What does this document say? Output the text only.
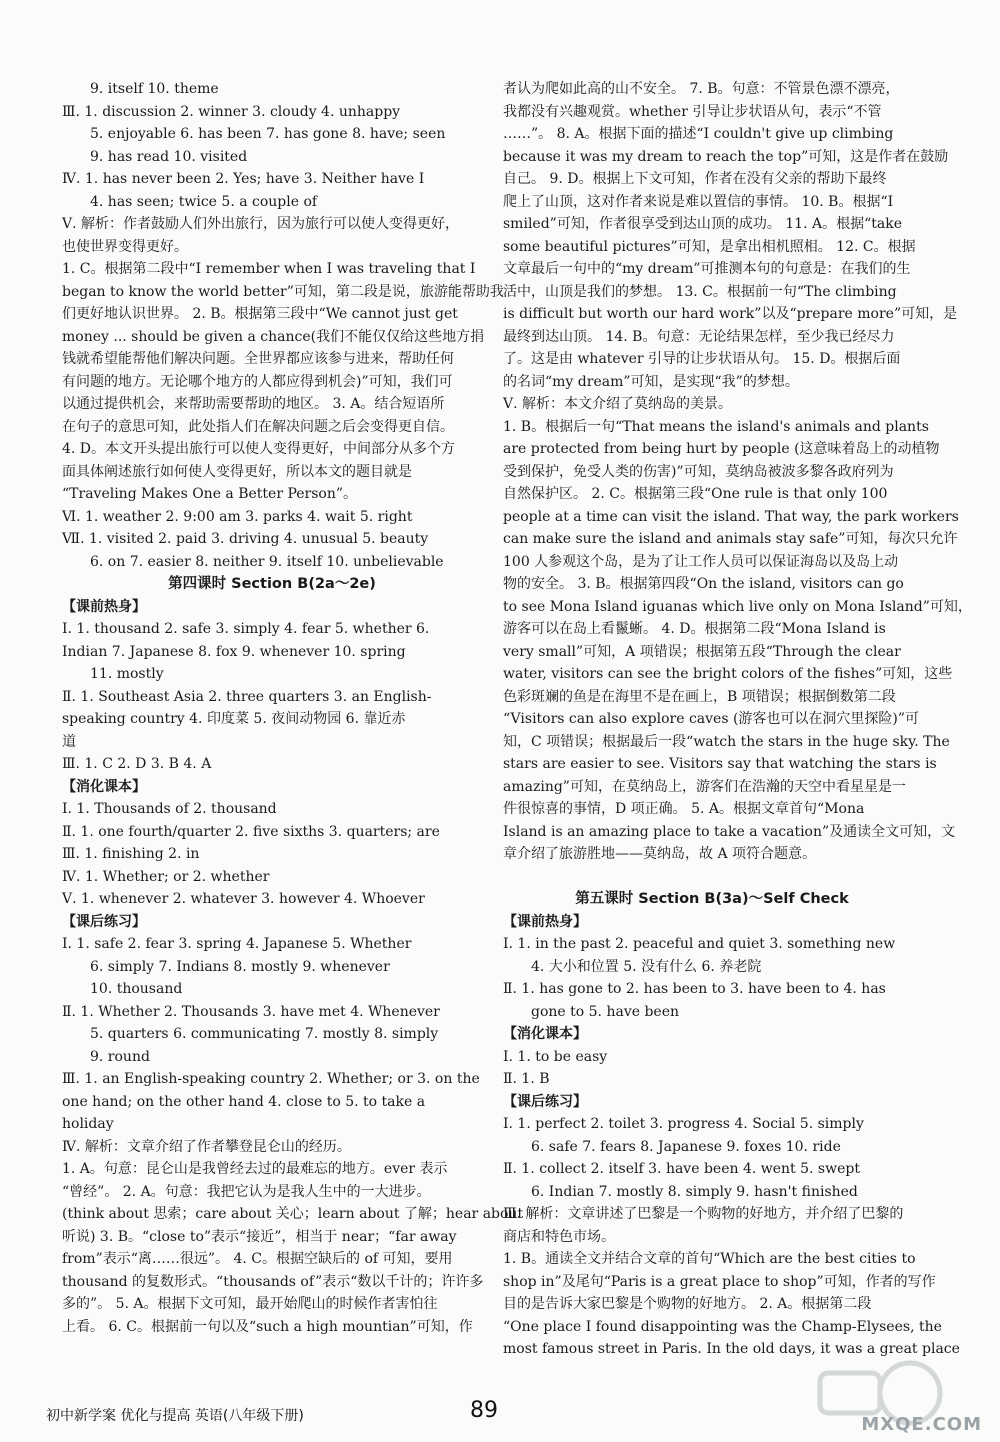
9. itself 10. theme
Ⅲ. 1. discussion 2. winner 3. cloudy 4. unhappy
5. enjoyable 6. has been 7. has gone 8. have; seen
9. has read 10. visited
Ⅳ. 1. has never been 2. Yes; have 3. Neither have I
4. has seen; twice 5. a couple of
Ⅴ. 解析：作者鼓励人们外出旅行，因为旅行可以使人变得更好，
也使世界变得更好。
1. C。根据第二段中“I remember when I was traveling that I
began to know the world better”可知，第二段是说，旅游能帮助我
们更好地认识世界。 2. B。根据第三段中“We cannot just get
money ... should be given a chance(我们不能仅仅给这些地方捐
钱就希望能帮他们解决问题。全世界都应该参与进来，帮助任何
有问题的地方。无论哪个地方的人都应得到机会)”可知，我们可
以通过提供机会，来帮助需要帮助的地区。 3. A。结合短语所
在句子的意思可知，此处指人们在解决问题之后会变得更自信。
4. D。本文开头提出旅行可以使人变得更好，中间部分从多个方
面具体阐述旅行如何使人变得更好，所以本文的题目就是
“Traveling Makes One a Better Person”。
Ⅵ. 1. weather 2. 9:00 am 3. parks 4. wait 5. right
Ⅶ. 1. visited 2. paid 3. driving 4. unusual 5. beauty
6. on 7. easier 8. neither 9. itself 10. unbelievable
第四课时 Section B(2a～2e)
【课前热身】
Ⅰ. 1. thousand 2. safe 3. simply 4. fear 5. whether 6.
Indian 7. Japanese 8. fox 9. whenever 10. spring
11. mostly
Ⅱ. 1. Southeast Asia 2. three quarters 3. an English-
speaking country 4. 印度菜 5. 夜间动物园 6. 靠近赤
道
Ⅲ. 1. C 2. D 3. B 4. A
【消化课本】
Ⅰ. 1. Thousands of 2. thousand
Ⅱ. 1. one fourth/quarter 2. five sixths 3. quarters; are
Ⅲ. 1. finishing 2. in
Ⅳ. 1. Whether; or 2. whether
Ⅴ. 1. whenever 2. whatever 3. however 4. Whoever
【课后练习】
Ⅰ. 1. safe 2. fear 3. spring 4. Japanese 5. Whether
6. simply 7. Indians 8. mostly 9. whenever
10. thousand
Ⅱ. 1. Whether 2. Thousands 3. have met 4. Whenever
5. quarters 6. communicating 7. mostly 8. simply
9. round
Ⅲ. 1. an English-speaking country 2. Whether; or 3. on the
one hand; on the other hand 4. close to 5. to take a
holiday
Ⅳ. 解析：文章介绍了作者攀登昆仑山的经历。
1. A。句意：昆仑山是我曾经去过的最难忘的地方。ever 表示
“曾经”。 2. A。句意：我把它认为是我人生中的一大进步。
(think about 思索；care about 关心；learn about 了解；hear about
听说) 3. B。“close to”表示“接近”，相当于 near；“far away
from”表示“离……很远”。 4. C。根据空缺后的 of 可知，要用
thousand 的复数形式。“thousands of”表示“数以千计的；许许多
多的”。 5. A。根据下文可知，最开始爬山的时候作者害怕往
上看。 6. C。根据前一句以及“such a high mountian”可知，作
者认为爬如此高的山不安全。 7. B。句意：不管景色漂不漂亮，
我都没有兴趣观赏。whether 引导让步状语从句，表示“不管
……”。 8. A。根据下面的描述“I couldn't give up climbing
because it was my dream to reach the top”可知，这是作者在鼓励
自己。 9. D。根据上下文可知，作者在没有父亲的帮助下最终
爬上了山顶，这对作者来说是难以置信的事情。 10. B。根据“I
smiled”可知，作者很享受到达山顶的成功。 11. A。根据“take
some beautiful pictures”可知，是拿出相机照相。 12. C。根据
文章最后一句中的“my dream”可推测本句的句意是：在我们的生
活中，山顶是我们的梦想。 13. C。根据前一句“The climbing
is difficult but worth our hard work”以及“prepare more”可知，是
最终到达山顶。 14. B。句意：无论结果怎样，至少我已经尽力
了。这是由 whatever 引导的让步状语从句。 15. D。根据后面
的名词“my dream”可知，是实现“我”的梦想。
Ⅴ. 解析：本文介绍了莫纳岛的美景。
1. B。根据后一句“That means the island's animals and plants
are protected from being hurt by people (这意味着岛上的动植物
受到保护，免受人类的伤害)”可知，莫纳岛被波多黎各政府列为
自然保护区。 2. C。根据第三段“One rule is that only 100
people at a time can visit the island. That way, the park workers
can make sure the island and animals stay safe”可知，每次只允许
100 人参观这个岛，是为了让工作人员可以保证海岛以及岛上动
物的安全。 3. B。根据第四段“On the island, visitors can go
to see Mona Island iguanas which live only on Mona Island”可知，
游客可以在岛上看鬣蜥。 4. D。根据第二段“Mona Island is
very small”可知，A 项错误；根据第五段“Through the clear
water, visitors can see the bright colors of the fishes”可知，这些
色彩斑斓的鱼是在海里不是在画上，B 项错误；根据倒数第二段
“Visitors can also explore caves (游客也可以在洞穴里探险)”可
知，C 项错误；根据最后一段“watch the stars in the huge sky. The
stars are easier to see. Visitors say that watching the stars is
amazing”可知，在莫纳岛上，游客们在浩瀚的天空中看星星是一
件很惊喜的事情，D 项正确。 5. A。根据文章首句“Mona
Island is an amazing place to take a vacation”及通读全文可知，文
章介绍了旅游胜地——莫纳岛，故 A 项符合题意。
第五课时 Section B(3a)～Self Check
【课前热身】
Ⅰ. 1. in the past 2. peaceful and quiet 3. something new
4. 大小和位置 5. 没有什么 6. 养老院
Ⅱ. 1. has gone to 2. has been to 3. have been to 4. has
gone to 5. have been
【消化课本】
Ⅰ. 1. to be easy
Ⅱ. 1. B
【课后练习】
Ⅰ. 1. perfect 2. toilet 3. progress 4. Social 5. simply
6. safe 7. fears 8. Japanese 9. foxes 10. ride
Ⅱ. 1. collect 2. itself 3. have been 4. went 5. swept
6. Indian 7. mostly 8. simply 9. hasn't finished
Ⅲ. 解析：文章讲述了巴黎是一个购物的好地方，并介绍了巴黎的
商店和特色市场。
1. B。通读全文并结合文章的首句“Which are the best cities to
shop in”及尾句“Paris is a great place to shop”可知，作者的写作
目的是告诉大家巴黎是个购物的好地方。 2. A。根据第二段
“One place I found disappointing was the Champ-Elysees, the
most famous street in Paris. In the old days, it was a great place
初中新学案 优化与提高 英语(八年级下册)	89
MXQE.COM
